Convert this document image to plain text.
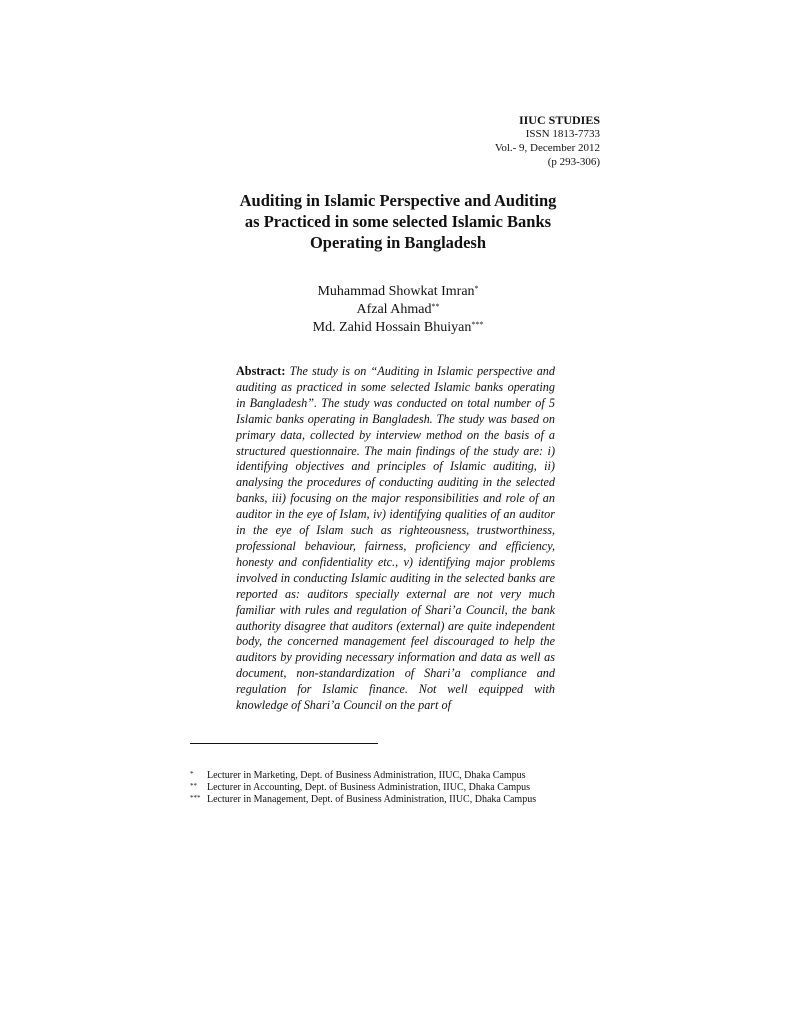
IIUC STUDIES
ISSN 1813-7733
Vol.- 9, December 2012
(p 293-306)
Auditing in Islamic Perspective and Auditing
as Practiced in some selected Islamic Banks
Operating in Bangladesh
Muhammad Showkat Imran*
Afzal Ahmad**
Md. Zahid Hossain Bhuiyan***
Abstract: The study is on “Auditing in Islamic perspective and auditing as practiced in some selected Islamic banks operating in Bangladesh”. The study was conducted on total number of 5 Islamic banks operating in Bangladesh. The study was based on primary data, collected by interview method on the basis of a structured questionnaire. The main findings of the study are: i) identifying objectives and principles of Islamic auditing, ii) analysing the procedures of conducting auditing in the selected banks, iii) focusing on the major responsibilities and role of an auditor in the eye of Islam, iv) identifying qualities of an auditor in the eye of Islam such as righteousness, trustworthiness, professional behaviour, fairness, proficiency and efficiency, honesty and confidentiality etc., v) identifying major problems involved in conducting Islamic auditing in the selected banks are reported as: auditors specially external are not very much familiar with rules and regulation of Shari’a Council, the bank authority disagree that auditors (external) are quite independent body, the concerned management feel discouraged to help the auditors by providing necessary information and data as well as document, non-standardization of Shari’a compliance and regulation for Islamic finance. Not well equipped with knowledge of Shari’a Council on the part of
*	Lecturer in Marketing, Dept. of Business Administration, IIUC, Dhaka Campus
**	Lecturer in Accounting, Dept. of Business Administration, IIUC, Dhaka Campus
*** Lecturer in Management, Dept. of Business Administration, IIUC, Dhaka Campus
